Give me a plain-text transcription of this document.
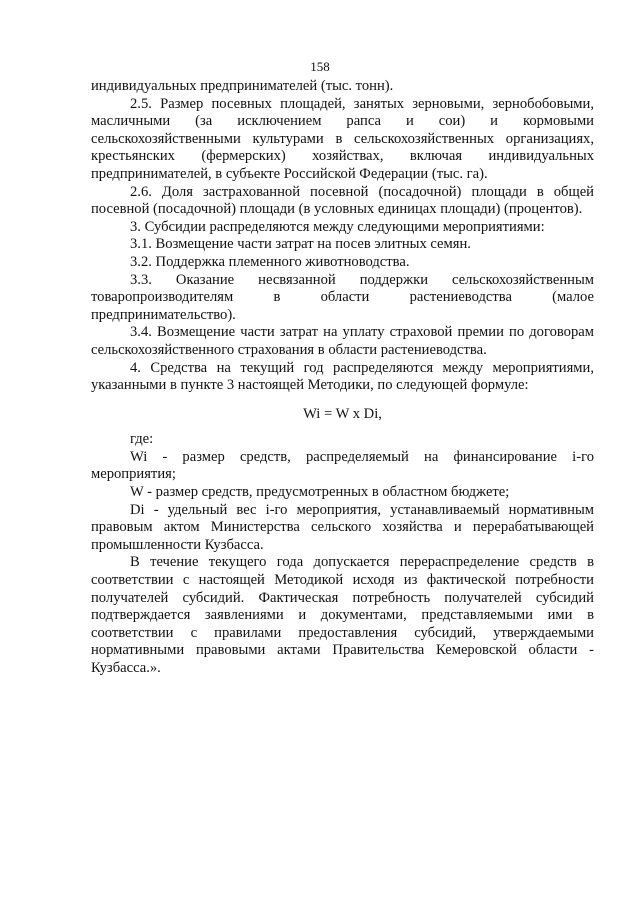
158

индивидуальных предпринимателей (тыс. тонн).

2.5. Размер посевных площадей, занятых зерновыми, зернобобовыми, масличными (за исключением рапса и сои) и кормовыми сельскохозяйственными культурами в сельскохозяйственных организациях, крестьянских (фермерских) хозяйствах, включая индивидуальных предпринимателей, в субъекте Российской Федерации (тыс. га).

2.6. Доля застрахованной посевной (посадочной) площади в общей посевной (посадочной) площади (в условных единицах площади) (процентов).

3. Субсидии распределяются между следующими мероприятиями:

3.1. Возмещение части затрат на посев элитных семян.

3.2. Поддержка племенного животноводства.

3.3. Оказание несвязанной поддержки сельскохозяйственным товаропроизводителям в области растениеводства (малое предпринимательство).

3.4. Возмещение части затрат на уплату страховой премии по договорам сельскохозяйственного страхования в области растениеводства.

4. Средства на текущий год распределяются между мероприятиями, указанными в пункте 3 настоящей Методики, по следующей формуле:

Wi = W x Di,

где:

Wi - размер средств, распределяемый на финансирование i-го мероприятия;

W - размер средств, предусмотренных в областном бюджете;

Di - удельный вес i-го мероприятия, устанавливаемый нормативным правовым актом Министерства сельского хозяйства и перерабатывающей промышленности Кузбасса.

В течение текущего года допускается перераспределение средств в соответствии с настоящей Методикой исходя из фактической потребности получателей субсидий. Фактическая потребность получателей субсидий подтверждается заявлениями и документами, представляемыми ими в соответствии с правилами предоставления субсидий, утверждаемыми нормативными правовыми актами Правительства Кемеровской области - Кузбасса.».
